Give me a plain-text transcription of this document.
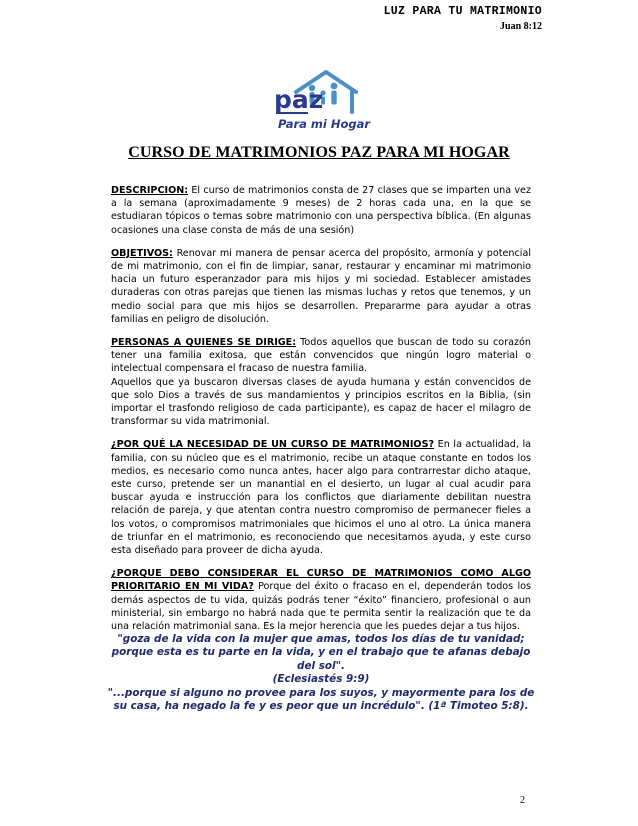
LUZ PARA TU MATRIMONIO
Juan 8:12
paz
Para mi Hogar
CURSO DE MATRIMONIOS PAZ PARA MI HOGAR

DESCRIPCION: El curso de matrimonios consta de 27 clases que se imparten una vez a la semana (aproximadamente 9 meses) de 2 horas cada una, en la que se estudiaran tópicos o temas sobre matrimonio con una perspectiva bíblica. (En algunas ocasiones una clase consta de más de una sesión)

OBJETIVOS: Renovar mi manera de pensar acerca del propósito, armonía y potencial de mi matrimonio, con el fin de limpiar, sanar, restaurar y encaminar mi matrimonio hacia un futuro esperanzador para mis hijos y mi sociedad. Establecer amistades duraderas con otras parejas que tienen las mismas luchas y retos que tenemos, y un medio social para que mis hijos se desarrollen. Prepararme para ayudar a otras familias en peligro de disolución.

PERSONAS A QUIENES SE DIRIGE: Todos aquellos que buscan de todo su corazón tener una familia exitosa, que están convencidos que ningún logro material o intelectual compensara el fracaso de nuestra familia.
Aquellos que ya buscaron diversas clases de ayuda humana y están convencidos de que solo Dios a través de sus mandamientos y principios escritos en la Biblia, (sin importar el trasfondo religioso de cada participante), es capaz de hacer el milagro de transformar su vida matrimonial.

¿POR QUÉ LA NECESIDAD DE UN CURSO DE MATRIMONIOS? En la actualidad, la familia, con su núcleo que es el matrimonio, recibe un ataque constante en todos los medios, es necesario como nunca antes, hacer algo para contrarrestar dicho ataque, este curso, pretende ser un manantial en el desierto, un lugar al cual acudir para buscar ayuda e instrucción para los conflictos que diariamente debilitan nuestra relación de pareja, y que atentan contra nuestro compromiso de permanecer fieles a los votos, o compromisos matrimoniales que hicimos el uno al otro. La única manera de triunfar en el matrimonio, es reconociendo que necesitamos ayuda, y este curso esta diseñado para proveer de dicha ayuda.

¿PORQUE DEBO CONSIDERAR EL CURSO DE MATRIMONIOS COMO ALGO PRIORITARIO EN MI VIDA? Porque del éxito o fracaso en el, dependerán todos los demás aspectos de tu vida, quizás podrás tener “éxito” financiero, profesional o aun ministerial, sin embargo no habrá nada que te permita sentir la realización que te da una relación matrimonial sana. Es la mejor herencia que les puedes dejar a tus hijos.

"goza de la vida con la mujer que amas, todos los días de tu vanidad; porque esta es tu parte en la vida, y en el trabajo que te afanas debajo del sol".

(Eclesiastés 9:9)

"...porque si alguno no provee para los suyos, y mayormente para los de su casa, ha negado la fe y es peor que un incrédulo". (1ª Timoteo 5:8).

2
